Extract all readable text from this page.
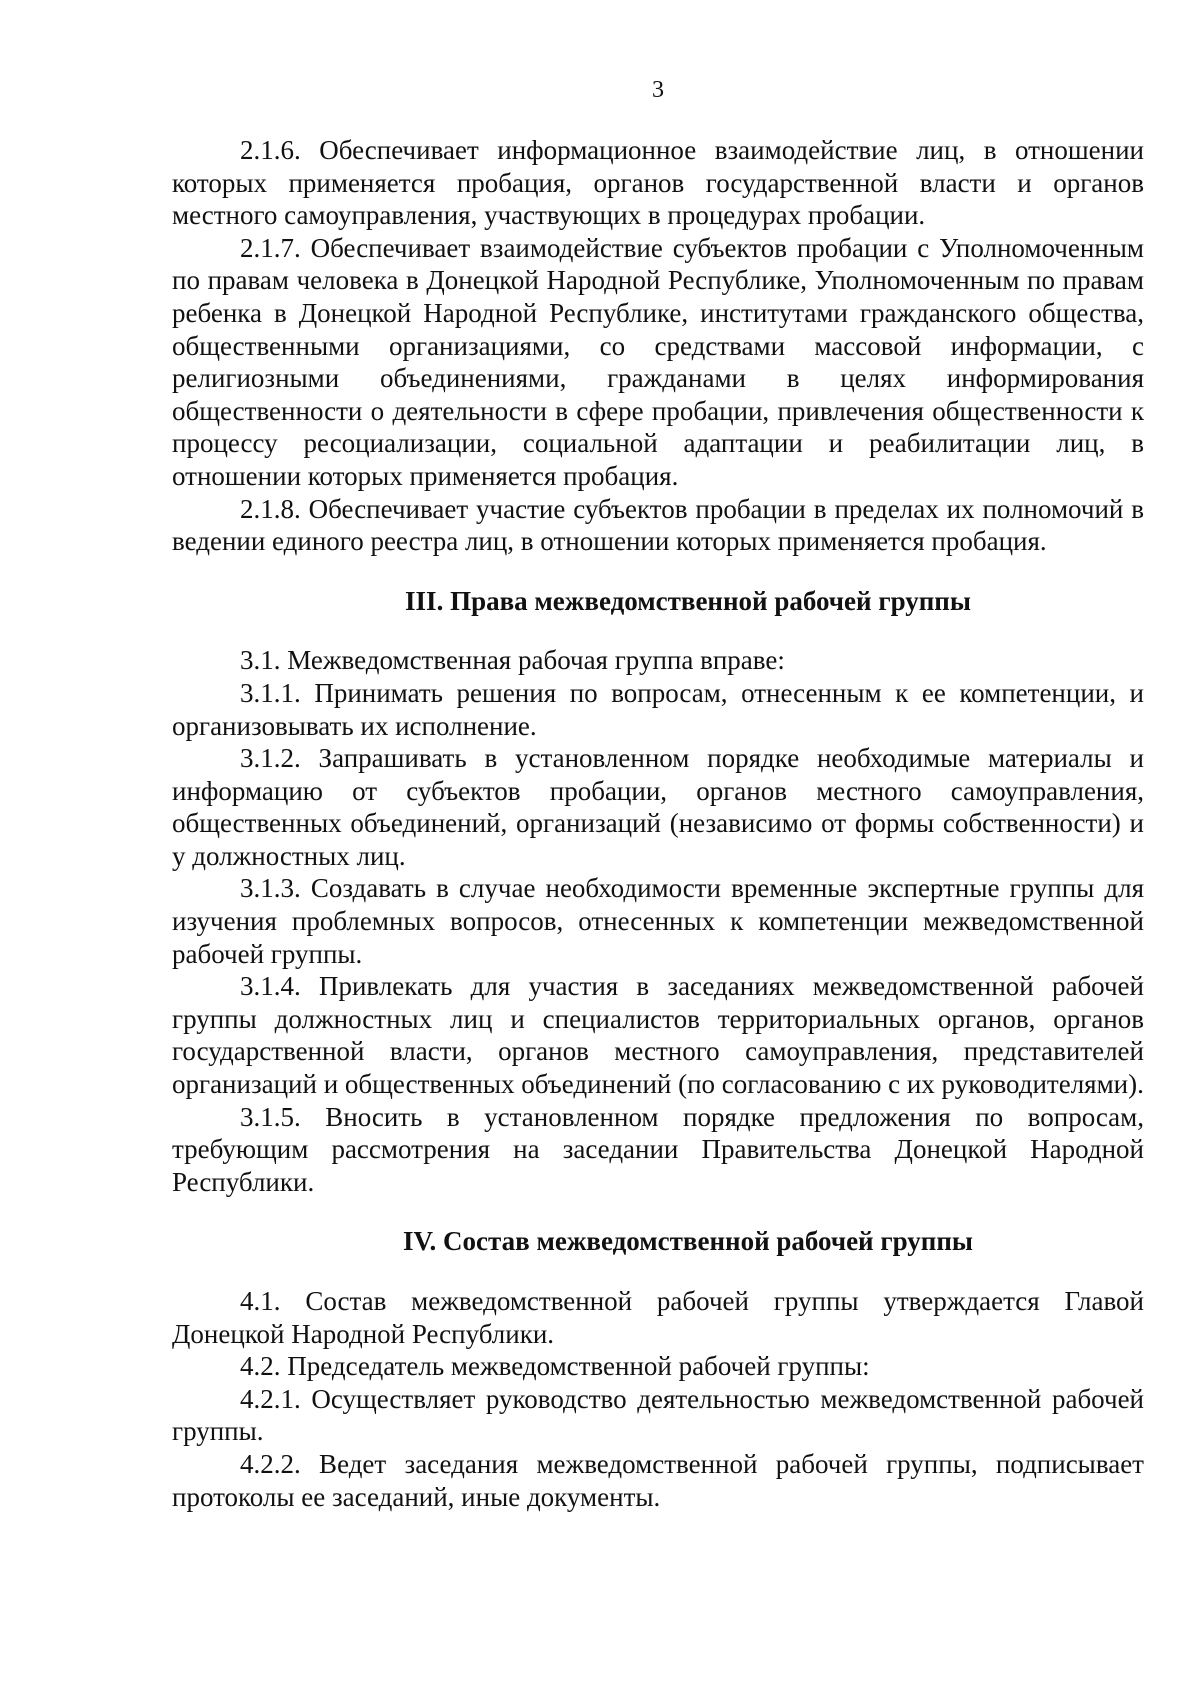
3

2.1.6. Обеспечивает информационное взаимодействие лиц, в отношении которых применяется пробация, органов государственной власти и органов местного самоуправления, участвующих в процедурах пробации.

2.1.7. Обеспечивает взаимодействие субъектов пробации с Уполномоченным по правам человека в Донецкой Народной Республике, Уполномоченным по правам ребенка в Донецкой Народной Республике, институтами гражданского общества, общественными организациями, со средствами массовой информации, с религиозными объединениями, гражданами в целях информирования общественности о деятельности в сфере пробации, привлечения общественности к процессу ресоциализации, социальной адаптации и реабилитации лиц, в отношении которых применяется пробация.

2.1.8. Обеспечивает участие субъектов пробации в пределах их полномочий в ведении единого реестра лиц, в отношении которых применяется пробация.

III. Права межведомственной рабочей группы

3.1. Межведомственная рабочая группа вправе:

3.1.1. Принимать решения по вопросам, отнесенным к ее компетенции, и организовывать их исполнение.

3.1.2. Запрашивать в установленном порядке необходимые материалы и информацию от субъектов пробации, органов местного самоуправления, общественных объединений, организаций (независимо от формы собственности) и у должностных лиц.

3.1.3. Создавать в случае необходимости временные экспертные группы для изучения проблемных вопросов, отнесенных к компетенции межведомственной рабочей группы.

3.1.4. Привлекать для участия в заседаниях межведомственной рабочей группы должностных лиц и специалистов территориальных органов, органов государственной власти, органов местного самоуправления, представителей организаций и общественных объединений (по согласованию с их руководителями).

3.1.5. Вносить в установленном порядке предложения по вопросам, требующим рассмотрения на заседании Правительства Донецкой Народной Республики.

IV. Состав межведомственной рабочей группы

4.1. Состав межведомственной рабочей группы утверждается Главой Донецкой Народной Республики.

4.2. Председатель межведомственной рабочей группы:

4.2.1. Осуществляет руководство деятельностью межведомственной рабочей группы.

4.2.2. Ведет заседания межведомственной рабочей группы, подписывает протоколы ее заседаний, иные документы.
